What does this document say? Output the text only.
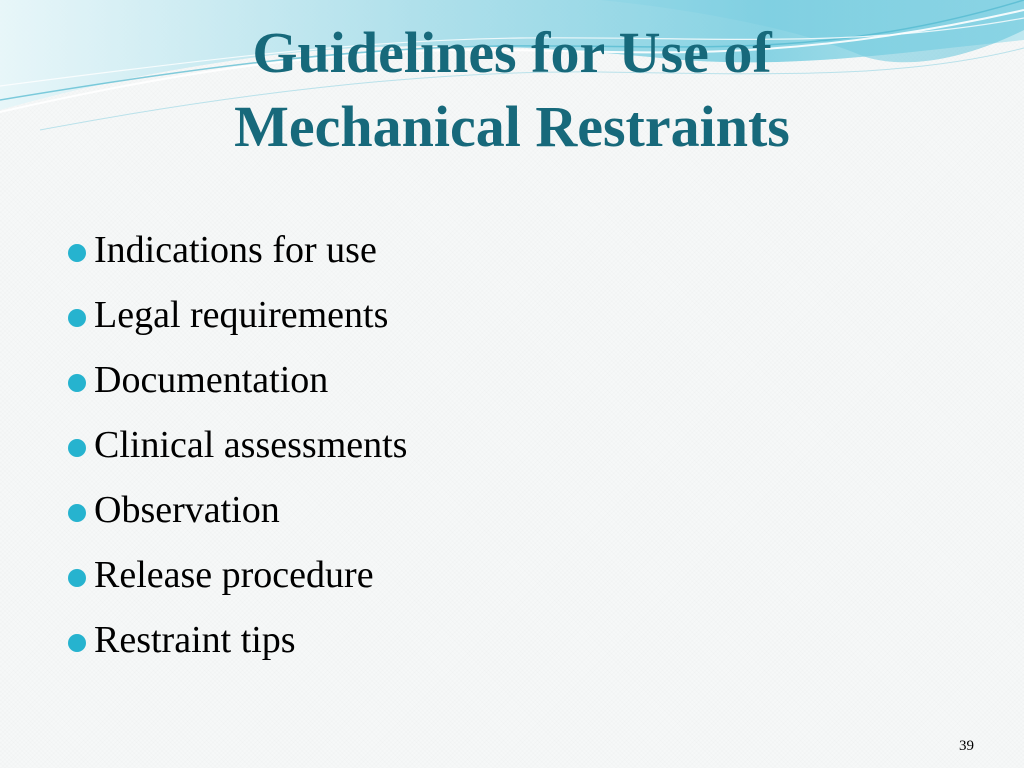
Guidelines for Use of
Mechanical Restraints
Indications for use
Legal requirements
Documentation
Clinical assessments
Observation
Release procedure
Restraint tips
39
